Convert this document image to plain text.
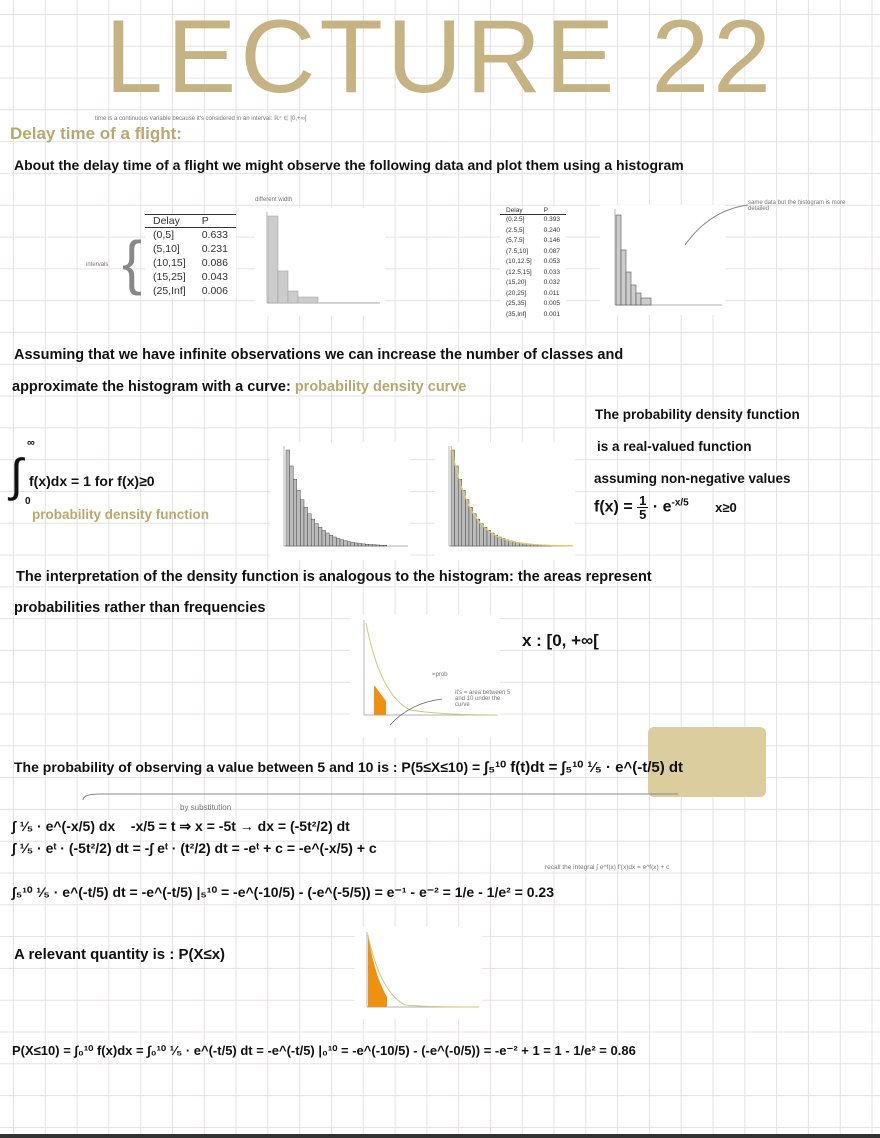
LECTURE 22
time is a continuous variable because it's considered in an interval: ℝ⁺ ∈ [0,+∞[
Delay time of a flight:
About the delay time of a flight we might observe the following data and plot them using a histogram
different width
intervals {
Delay	P
(0,5]	0.633
(5,10]	0.231
(10,15]	0.086
(15,25]	0.043
(25,Inf]	0.006
Delay	P
(0,2.5]	0.393
(2.5,5]	0.240
(5,7.5]	0.146
(7.5,10]	0.087
(10,12.5]	0.053
(12.5,15]	0.033
(15,20]	0.032
(20,25]	0.011
(25,35]	0.005
(35,Inf]	0.001
same data but the histogram is more detailed
Assuming that we have infinite observations we can increase the number of classes and
approximate the histogram with a curve: probability density curve
∞
∫ f(x)dx = 1 for f(x)≥0
0
probability density function
The probability density function
is a real-valued function
assuming non-negative values
$f(x) = \frac{1}{5} \cdot e^{-x/5}$ x≥0
The interpretation of the density function is analogous to the histogram: the areas represent
probabilities rather than frequencies
=prob
it's = area between 5 and 10 under the curve
x : [0, +∞[
The probability of observing a value between 5 and 10 is : P(5≤X≤10) = ∫₅¹⁰ f(t)dt = ∫₅¹⁰ ¹⁄₅ · e^(-t/5) dt
by substitution
∫ ¹⁄₅ · e^(-x/5) dx -x/5 = t ⇒ x = -5t → dx = (-5t²/2) dt
∫ ¹⁄₅ · eᵗ · (-5t²/2) dt = -∫ eᵗ · (t²/2) dt = -eᵗ + c = -e^(-x/5) + c
recall the integral ∫ e^f(x) f'(x)dx = e^f(x) + c
∫₅¹⁰ ¹⁄₅ · e^(-t/5) dt = -e^(-t/5) |₅¹⁰ = -e^(-10/5) - (-e^(-5/5)) = e⁻¹ - e⁻² = 1/e - 1/e² = 0.23
A relevant quantity is : P(X≤x)
P(X≤10) = ∫₀¹⁰ f(x)dx = ∫₀¹⁰ ¹⁄₅ · e^(-t/5) dt = -e^(-t/5) |₀¹⁰ = -e^(-10/5) - (-e^(-0/5)) = -e⁻² + 1 = 1 - 1/e² = 0.86
